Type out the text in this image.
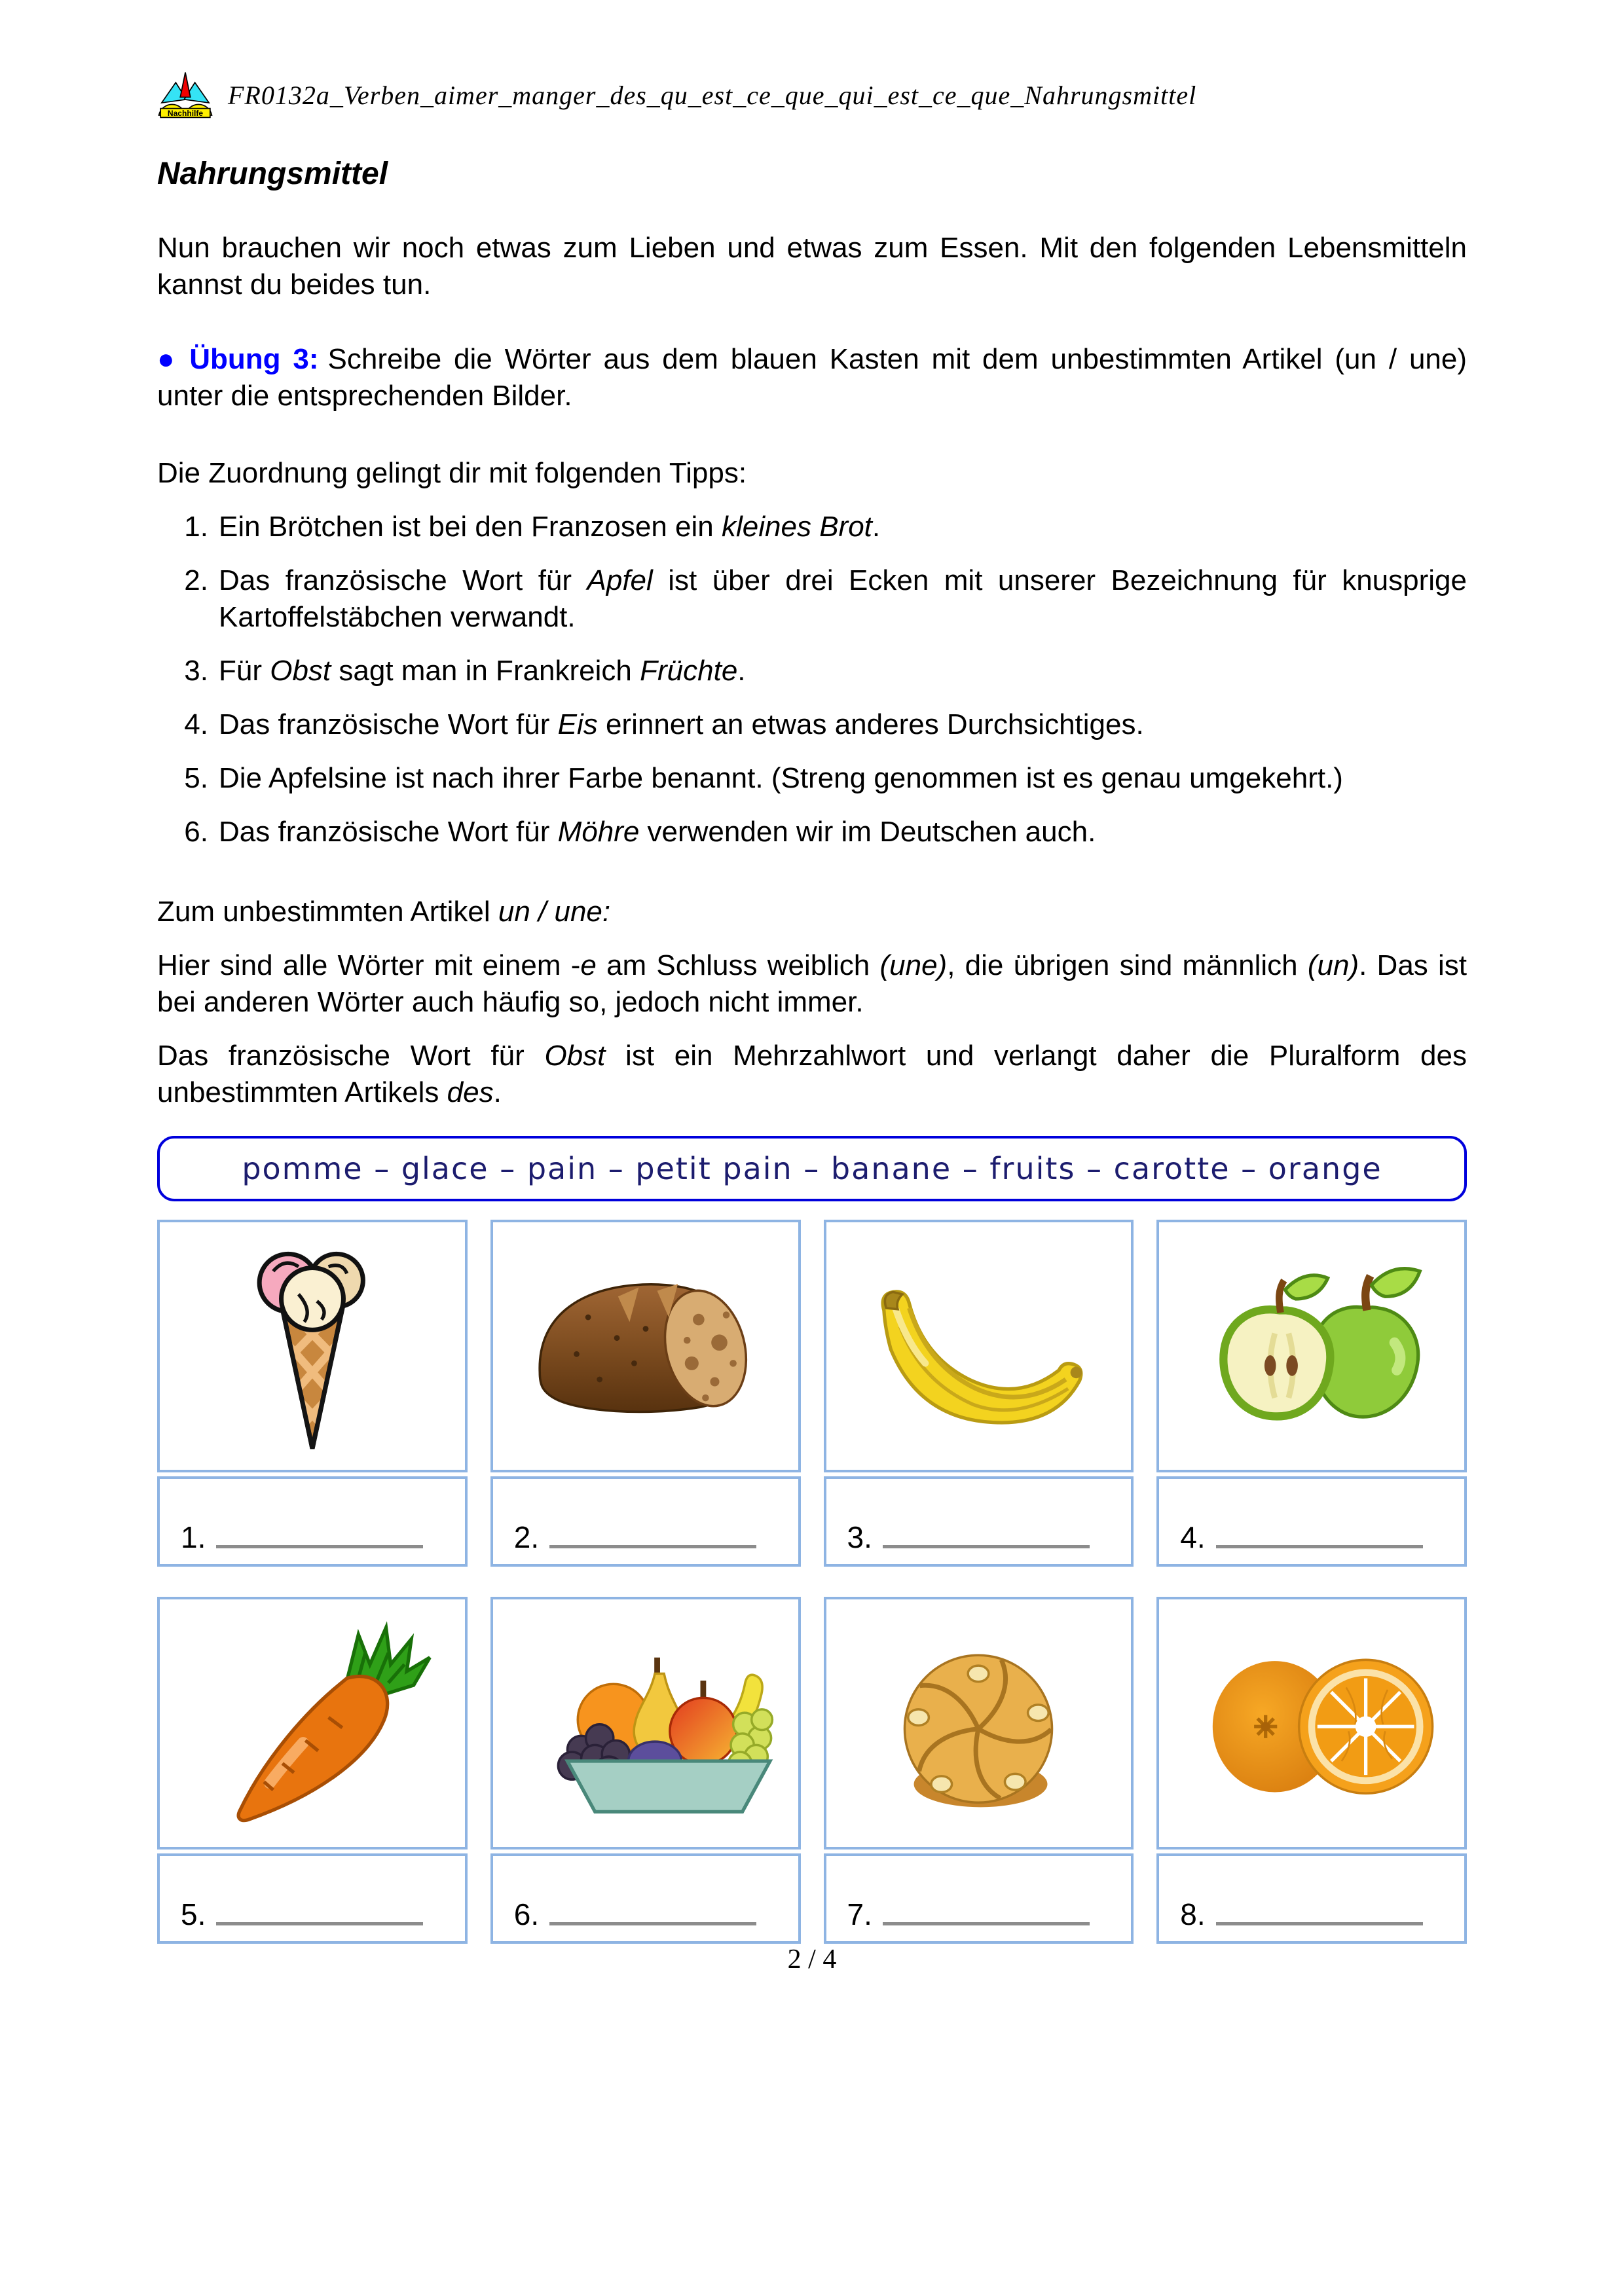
Nachhilfe
FR0132a_Verben_aimer_manger_des_qu_est_ce_que_qui_est_ce_que_Nahrungsmittel
Nahrungsmittel

Nun brauchen wir noch etwas zum Lieben und etwas zum Essen. Mit den folgenden Lebensmitteln kannst du beides tun.

● Übung 3: Schreibe die Wörter aus dem blauen Kasten mit dem unbestimmten Artikel (un / une) unter die entsprechenden Bilder.

Die Zuordnung gelingt dir mit folgenden Tipps:

1. Ein Brötchen ist bei den Franzosen ein kleines Brot.
2. Das französische Wort für Apfel ist über drei Ecken mit unserer Bezeichnung für knusprige Kartoffelstäbchen verwandt.
3. Für Obst sagt man in Frankreich Früchte.
4. Das französische Wort für Eis erinnert an etwas anderes Durchsichtiges.
5. Die Apfelsine ist nach ihrer Farbe benannt. (Streng genommen ist es genau umgekehrt.)
6. Das französische Wort für Möhre verwenden wir im Deutschen auch.

Zum unbestimmten Artikel un / une:

Hier sind alle Wörter mit einem -e am Schluss weiblich (une), die übrigen sind männlich (un). Das ist bei anderen Wörter auch häufig so, jedoch nicht immer.

Das französische Wort für Obst ist ein Mehrzahlwort und verlangt daher die Pluralform des unbestimmten Artikels des.

pomme – glace – pain – petit pain – banane – fruits – carotte – orange
1.	2.	3.	4.
5.	6.	7.	8.
2 / 4
